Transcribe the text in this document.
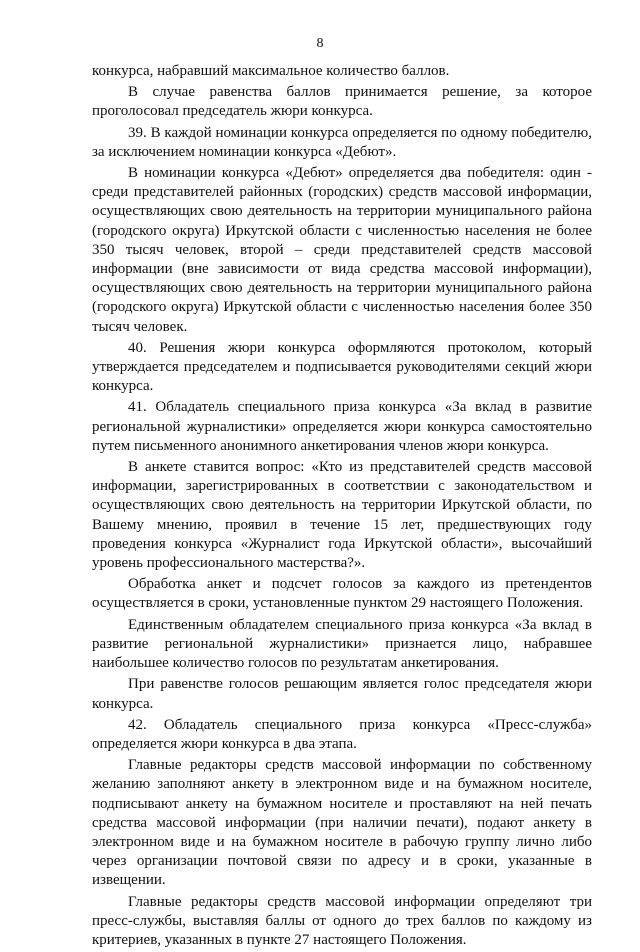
8

конкурса, набравший максимальное количество баллов.

В случае равенства баллов принимается решение, за которое проголосовал председатель жюри конкурса.

39. В каждой номинации конкурса определяется по одному победителю, за исключением номинации конкурса «Дебют».

В номинации конкурса «Дебют» определяется два победителя: один - среди представителей районных (городских) средств массовой информации, осуществляющих свою деятельность на территории муниципального района (городского округа) Иркутской области с численностью населения не более 350 тысяч человек, второй – среди представителей средств массовой информации (вне зависимости от вида средства массовой информации), осуществляющих свою деятельность на территории муниципального района (городского округа) Иркутской области с численностью населения более 350 тысяч человек.

40. Решения жюри конкурса оформляются протоколом, который утверждается председателем и подписывается руководителями секций жюри конкурса.

41. Обладатель специального приза конкурса «За вклад в развитие региональной журналистики» определяется жюри конкурса самостоятельно путем письменного анонимного анкетирования членов жюри конкурса.

В анкете ставится вопрос: «Кто из представителей средств массовой информации, зарегистрированных в соответствии с законодательством и осуществляющих свою деятельность на территории Иркутской области, по Вашему мнению, проявил в течение 15 лет, предшествующих году проведения конкурса «Журналист года Иркутской области», высочайший уровень профессионального мастерства?».

Обработка анкет и подсчет голосов за каждого из претендентов осуществляется в сроки, установленные пунктом 29 настоящего Положения.

Единственным обладателем специального приза конкурса «За вклад в развитие региональной журналистики» признается лицо, набравшее наибольшее количество голосов по результатам анкетирования.

При равенстве голосов решающим является голос председателя жюри конкурса.

42. Обладатель специального приза конкурса «Пресс-служба» определяется жюри конкурса в два этапа.

Главные редакторы средств массовой информации по собственному желанию заполняют анкету в электронном виде и на бумажном носителе, подписывают анкету на бумажном носителе и проставляют на ней печать средства массовой информации (при наличии печати), подают анкету в электронном виде и на бумажном носителе в рабочую группу лично либо через организации почтовой связи по адресу и в сроки, указанные в извещении.

Главные редакторы средств массовой информации определяют три пресс-службы, выставляя баллы от одного до трех баллов по каждому из критериев, указанных в пункте 27 настоящего Положения.
